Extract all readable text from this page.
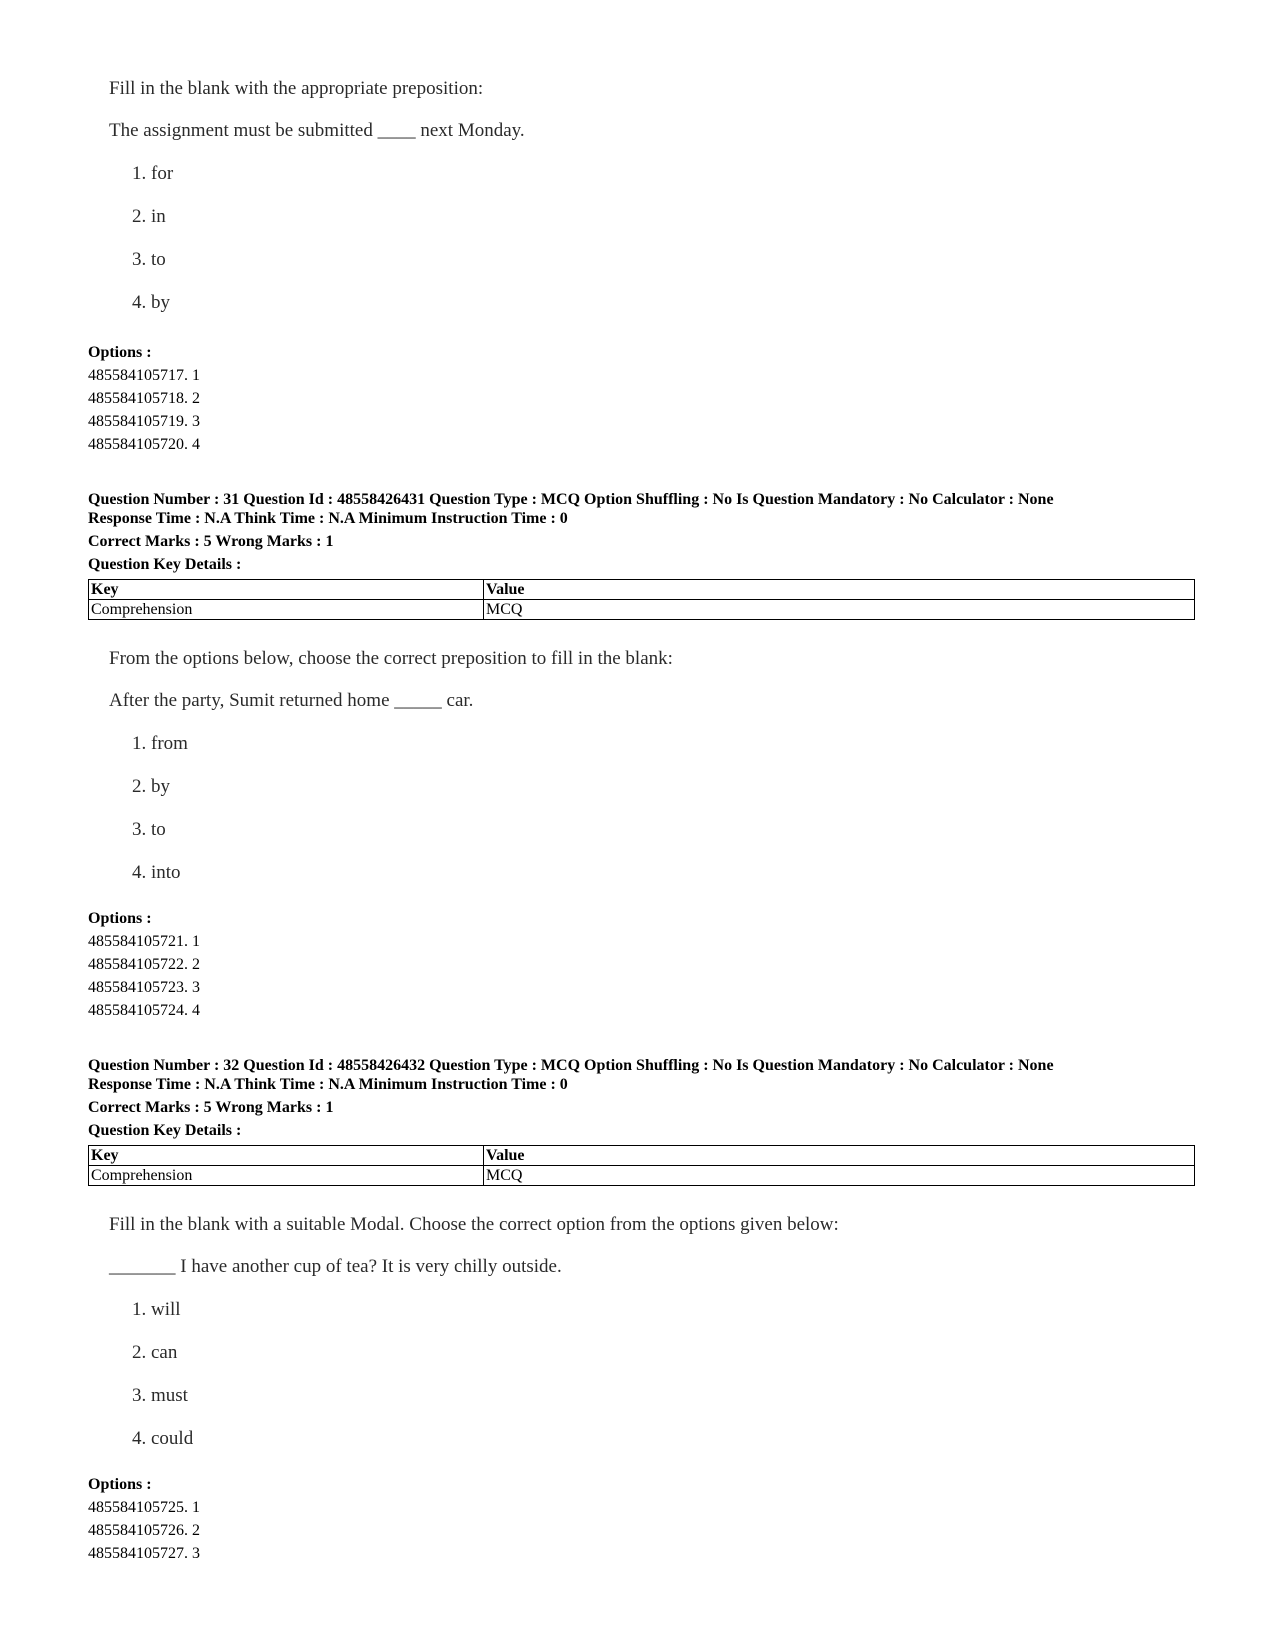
Fill in the blank with the appropriate preposition:
The assignment must be submitted ____ next Monday.
1. for
2. in
3. to
4. by
Options :
485584105717. 1
485584105718. 2
485584105719. 3
485584105720. 4
Question Number : 31 Question Id : 48558426431 Question Type : MCQ Option Shuffling : No Is Question Mandatory : No Calculator : None
Response Time : N.A Think Time : N.A Minimum Instruction Time : 0
Correct Marks : 5 Wrong Marks : 1
Question Key Details :
Key	Value
Comprehension	MCQ
From the options below, choose the correct preposition to fill in the blank:
After the party, Sumit returned home _____ car.
1. from
2. by
3. to
4. into
Options :
485584105721. 1
485584105722. 2
485584105723. 3
485584105724. 4
Question Number : 32 Question Id : 48558426432 Question Type : MCQ Option Shuffling : No Is Question Mandatory : No Calculator : None
Response Time : N.A Think Time : N.A Minimum Instruction Time : 0
Correct Marks : 5 Wrong Marks : 1
Question Key Details :
Key	Value
Comprehension	MCQ
Fill in the blank with a suitable Modal. Choose the correct option from the options given below:
_______ I have another cup of tea? It is very chilly outside.
1. will
2. can
3. must
4. could
Options :
485584105725. 1
485584105726. 2
485584105727. 3
